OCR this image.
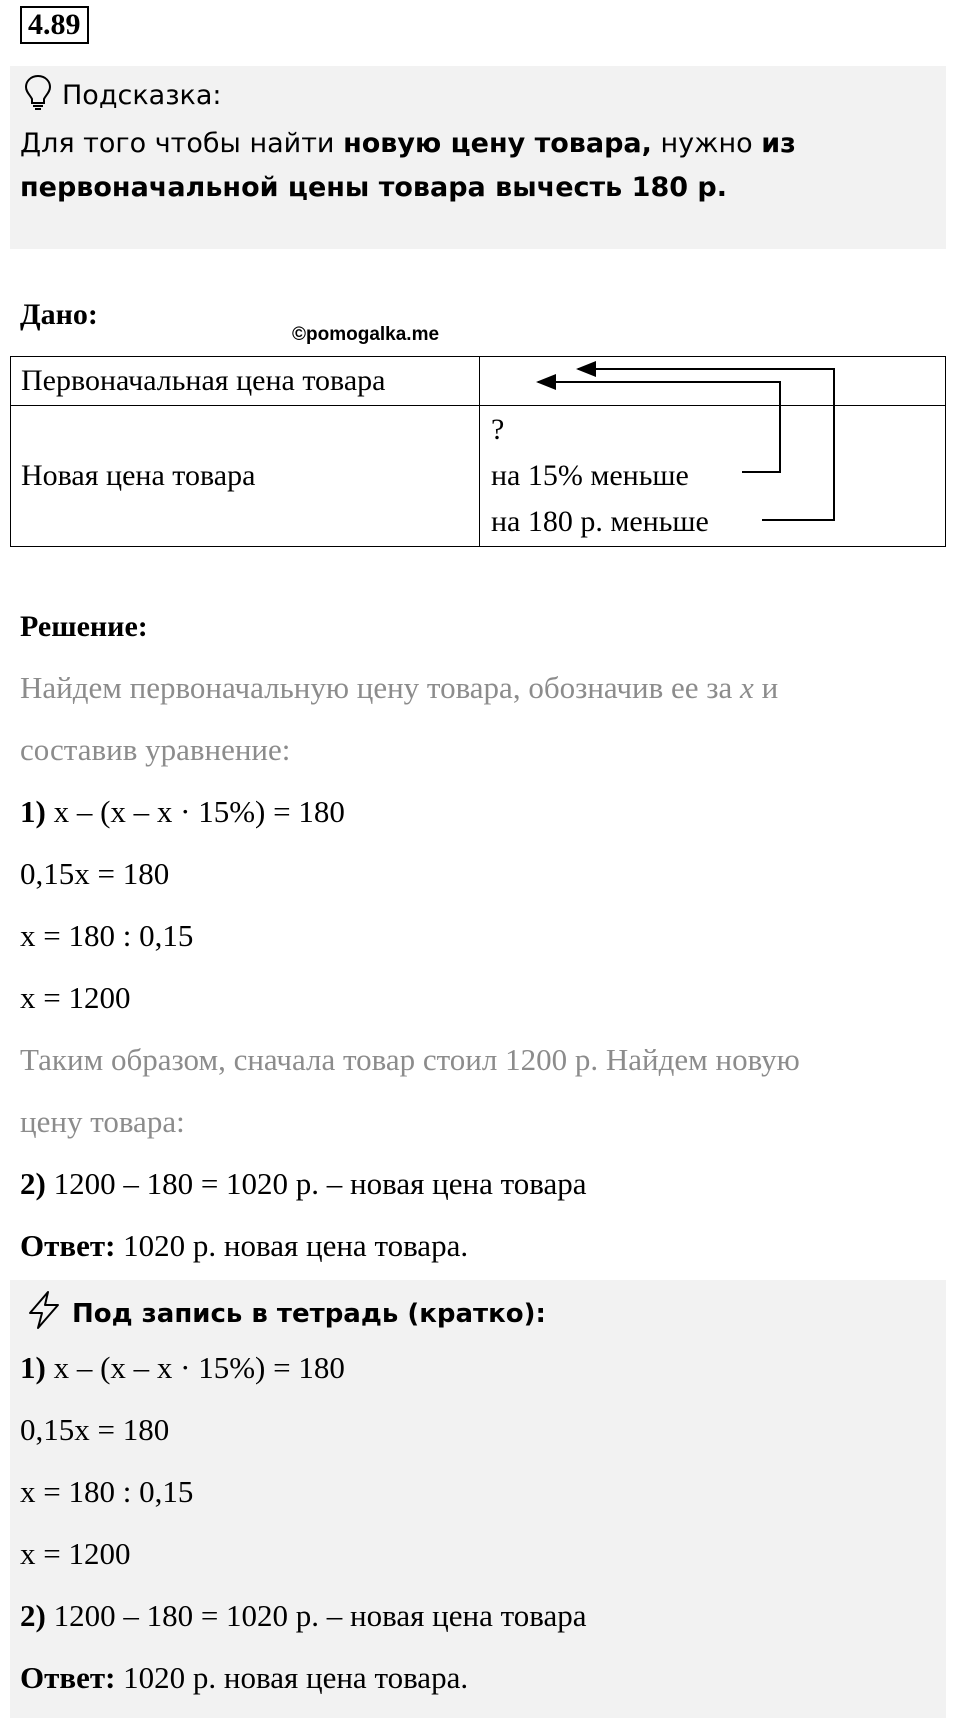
4.89
Подсказка:
Для того чтобы найти новую цену товара, нужно из первоначальной цены товара вычесть 180 р.
Дано:
©pomogalka.me
Первоначальная цена товара	

Новая цена товара	?
на 15% меньше
на 180 р. меньше
Решение:
Найдем первоначальную цену товара, обозначив ее за x и
составив уравнение:
1) x – (x – x · 15%) = 180
0,15x = 180
x = 180 : 0,15
x = 1200
Таким образом, сначала товар стоил 1200 р. Найдем новую
цену товара:
2) 1200 – 180 = 1020 р. – новая цена товара
Ответ: 1020 р. новая цена товара.
Под запись в тетрадь (кратко):
1) x – (x – x · 15%) = 180
0,15x = 180
x = 180 : 0,15
x = 1200
2) 1200 – 180 = 1020 р. – новая цена товара
Ответ: 1020 р. новая цена товара.
